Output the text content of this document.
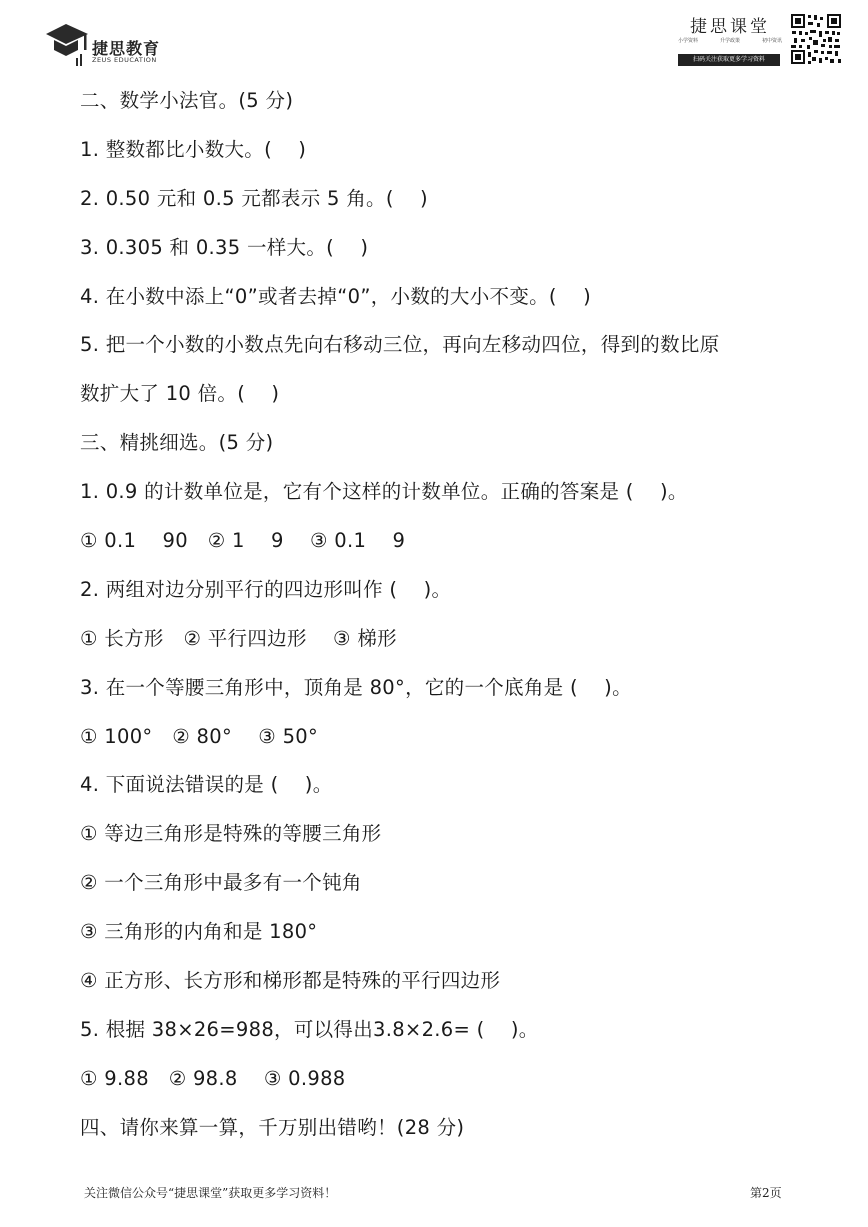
捷思教育
ZEUS EDUCATION
捷思课堂
小学资料	升学政策	初中资讯
扫码关注获取更多学习资料
二、数学小法官。(5 分)
1. 整数都比小数大。(　 )
2. 0.50 元和 0.5 元都表示 5 角。(　 )
3. 0.305 和 0.35 一样大。(　 )
4. 在小数中添上“0”或者去掉“0”，小数的大小不变。(　 )
5. 把一个小数的小数点先向右移动三位，再向左移动四位，得到的数比原
数扩大了 10 倍。(　 )
三、精挑细选。(5 分)
1. 0.9 的计数单位是，它有个这样的计数单位。正确的答案是 (　 )。
① 0.1　 90　② 1　 9　 ③ 0.1　 9
2. 两组对边分别平行的四边形叫作 (　 )。
① 长方形　② 平行四边形　 ③ 梯形
3. 在一个等腰三角形中，顶角是 80°，它的一个底角是 (　 )。
① 100°　② 80°　 ③ 50°
4. 下面说法错误的是 (　 )。
① 等边三角形是特殊的等腰三角形
② 一个三角形中最多有一个钝角
③ 三角形的内角和是 180°
④ 正方形、长方形和梯形都是特殊的平行四边形
5. 根据 38×26=988，可以得出3.8×2.6= (　 )。
① 9.88　② 98.8　 ③ 0.988
四、请你来算一算，千万别出错哟！(28 分)
关注微信公众号“捷思课堂”获取更多学习资料！	第2页
